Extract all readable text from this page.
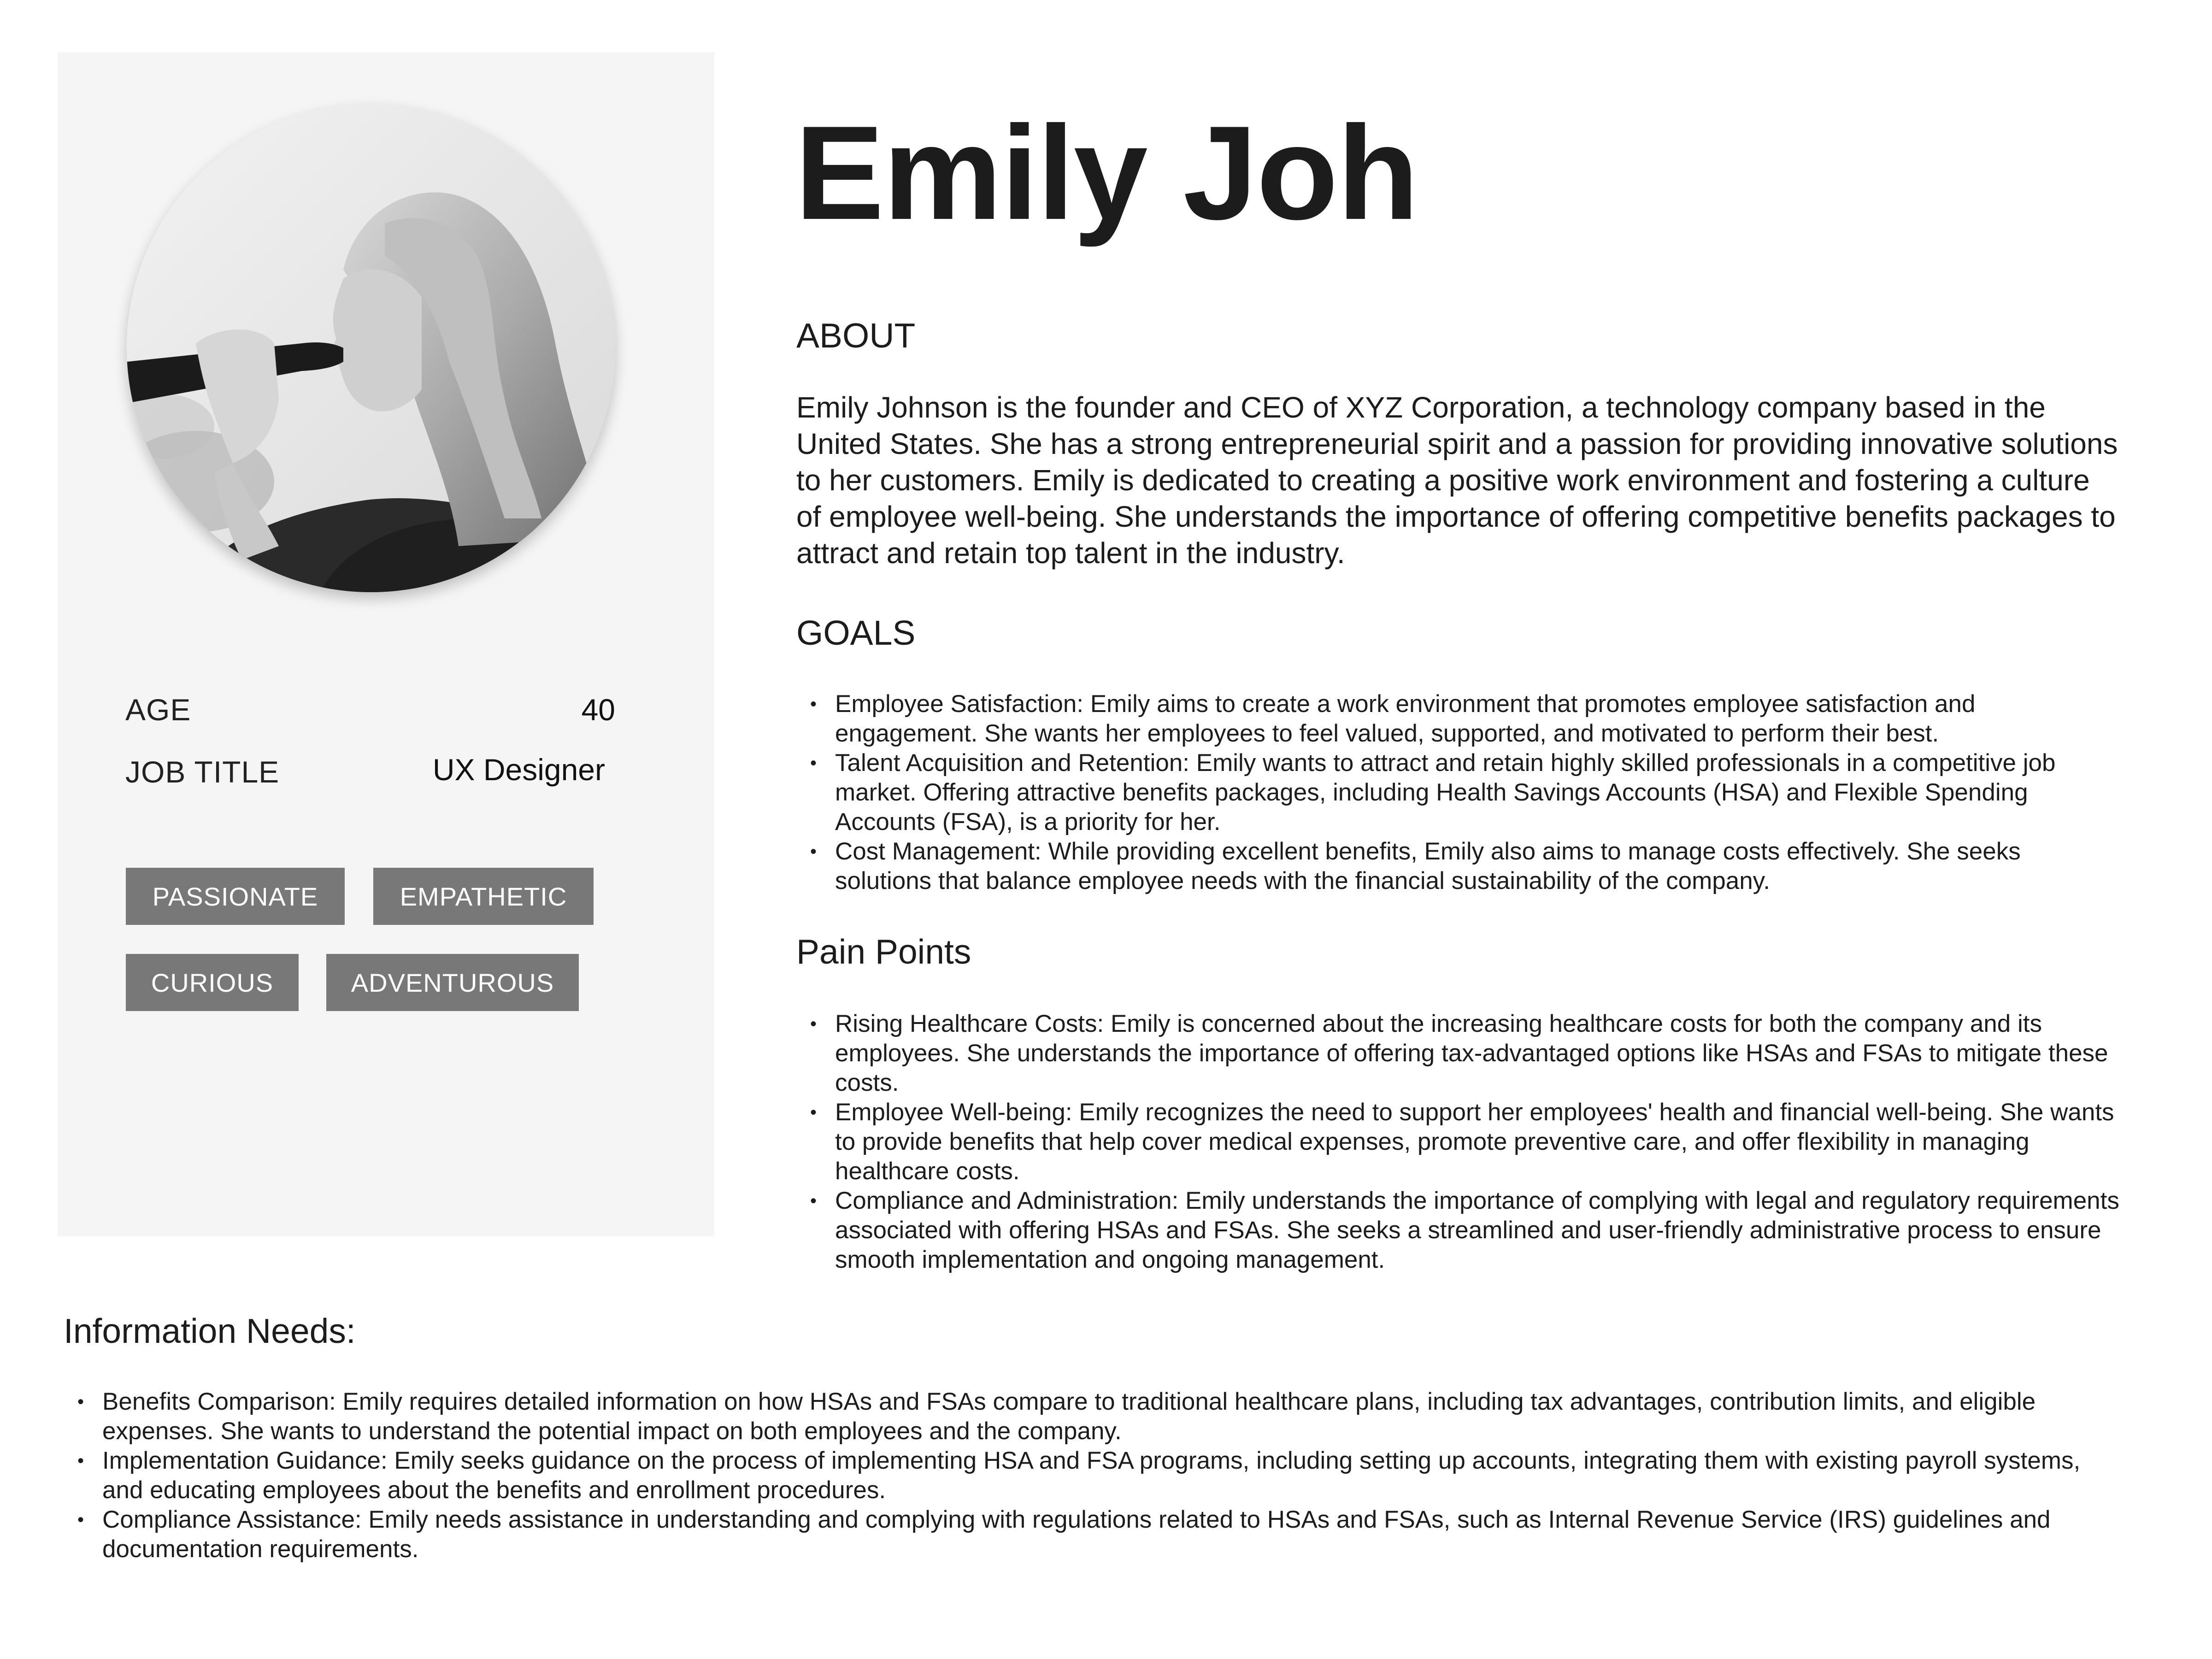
AGE	40
JOB TITLE	UX Designer
PASSIONATE	EMPATHETIC
CURIOUS	ADVENTUROUS
Emily Joh
ABOUT

Emily Johnson is the founder and CEO of XYZ Corporation, a technology company based in the United States. She has a strong entrepreneurial spirit and a passion for providing innovative solutions to her customers. Emily is dedicated to creating a positive work environment and fostering a culture of employee well-being. She understands the importance of offering competitive benefits packages to attract and retain top talent in the industry.

GOALS
• Employee Satisfaction: Emily aims to create a work environment that promotes employee satisfaction and engagement. She wants her employees to feel valued, supported, and motivated to perform their best.
• Talent Acquisition and Retention: Emily wants to attract and retain highly skilled professionals in a competitive job market. Offering attractive benefits packages, including Health Savings Accounts (HSA) and Flexible Spending Accounts (FSA), is a priority for her.
• Cost Management: While providing excellent benefits, Emily also aims to manage costs effectively. She seeks solutions that balance employee needs with the financial sustainability of the company.
Pain Points
• Rising Healthcare Costs: Emily is concerned about the increasing healthcare costs for both the company and its employees. She understands the importance of offering tax-advantaged options like HSAs and FSAs to mitigate these costs.
• Employee Well-being: Emily recognizes the need to support her employees' health and financial well-being. She wants to provide benefits that help cover medical expenses, promote preventive care, and offer flexibility in managing healthcare costs.
• Compliance and Administration: Emily understands the importance of complying with legal and regulatory requirements associated with offering HSAs and FSAs. She seeks a streamlined and user-friendly administrative process to ensure smooth implementation and ongoing management.
Information Needs:
• Benefits Comparison: Emily requires detailed information on how HSAs and FSAs compare to traditional healthcare plans, including tax advantages, contribution limits, and eligible expenses. She wants to understand the potential impact on both employees and the company.
• Implementation Guidance: Emily seeks guidance on the process of implementing HSA and FSA programs, including setting up accounts, integrating them with existing payroll systems, and educating employees about the benefits and enrollment procedures.
• Compliance Assistance: Emily needs assistance in understanding and complying with regulations related to HSAs and FSAs, such as Internal Revenue Service (IRS) guidelines and documentation requirements.
